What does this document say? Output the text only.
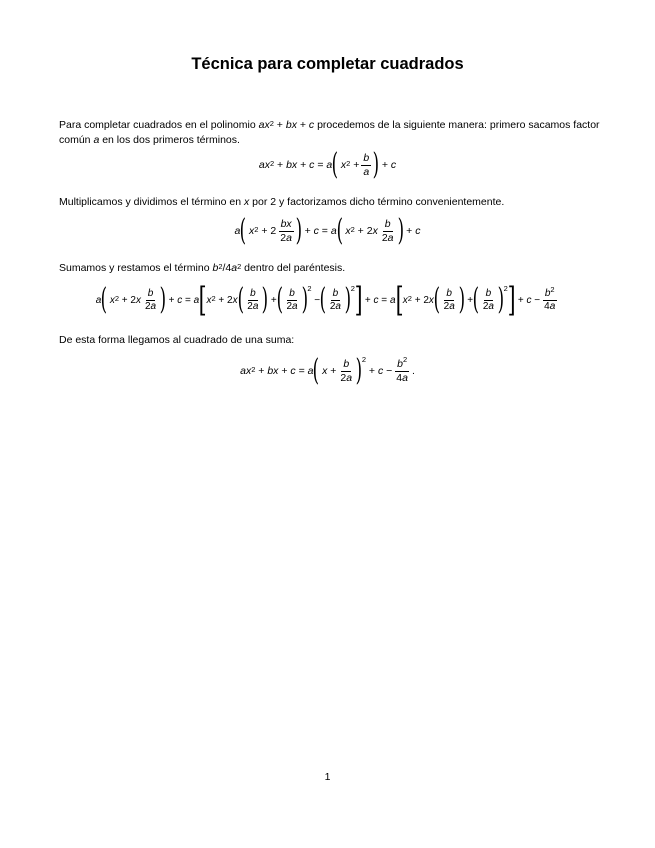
Técnica para completar cuadrados
Para completar cuadrados en el polinomio $ax^2$ + bx + c procedemos de la siguiente manera: primero sacamos factor común a en los dos primeros términos.
$ax^2$ + bx + c = a (
$x^2$ +
b
a ) + c
Multiplicamos y dividimos el término en x por 2 y factorizamos dicho término convenientemente.
a (
$x^2 + 2$
bx
2a ) + c = a (
$x^2 + 2$ x
b
2a ) + c
Sumamos y restamos el término $b^2/4a^2$ dentro del paréntesis.
a (
$x^2 + 2$ x
b
2a ) + c = a [ $x^2 + 2$ x ( b
2a ) + ( b
2a ) 2
− ( b
2a ) 2 ] + c = a [ $x^2 + 2$ x ( b
2a ) + ( b
2a ) 2 ] + c −
$b^2$
4a
De esta forma llegamos al cuadrado de una suma:
$ax^2$ + bx + c = a (
x +
b
2a ) 2
+ c −
$b^2$
4a
.
1
